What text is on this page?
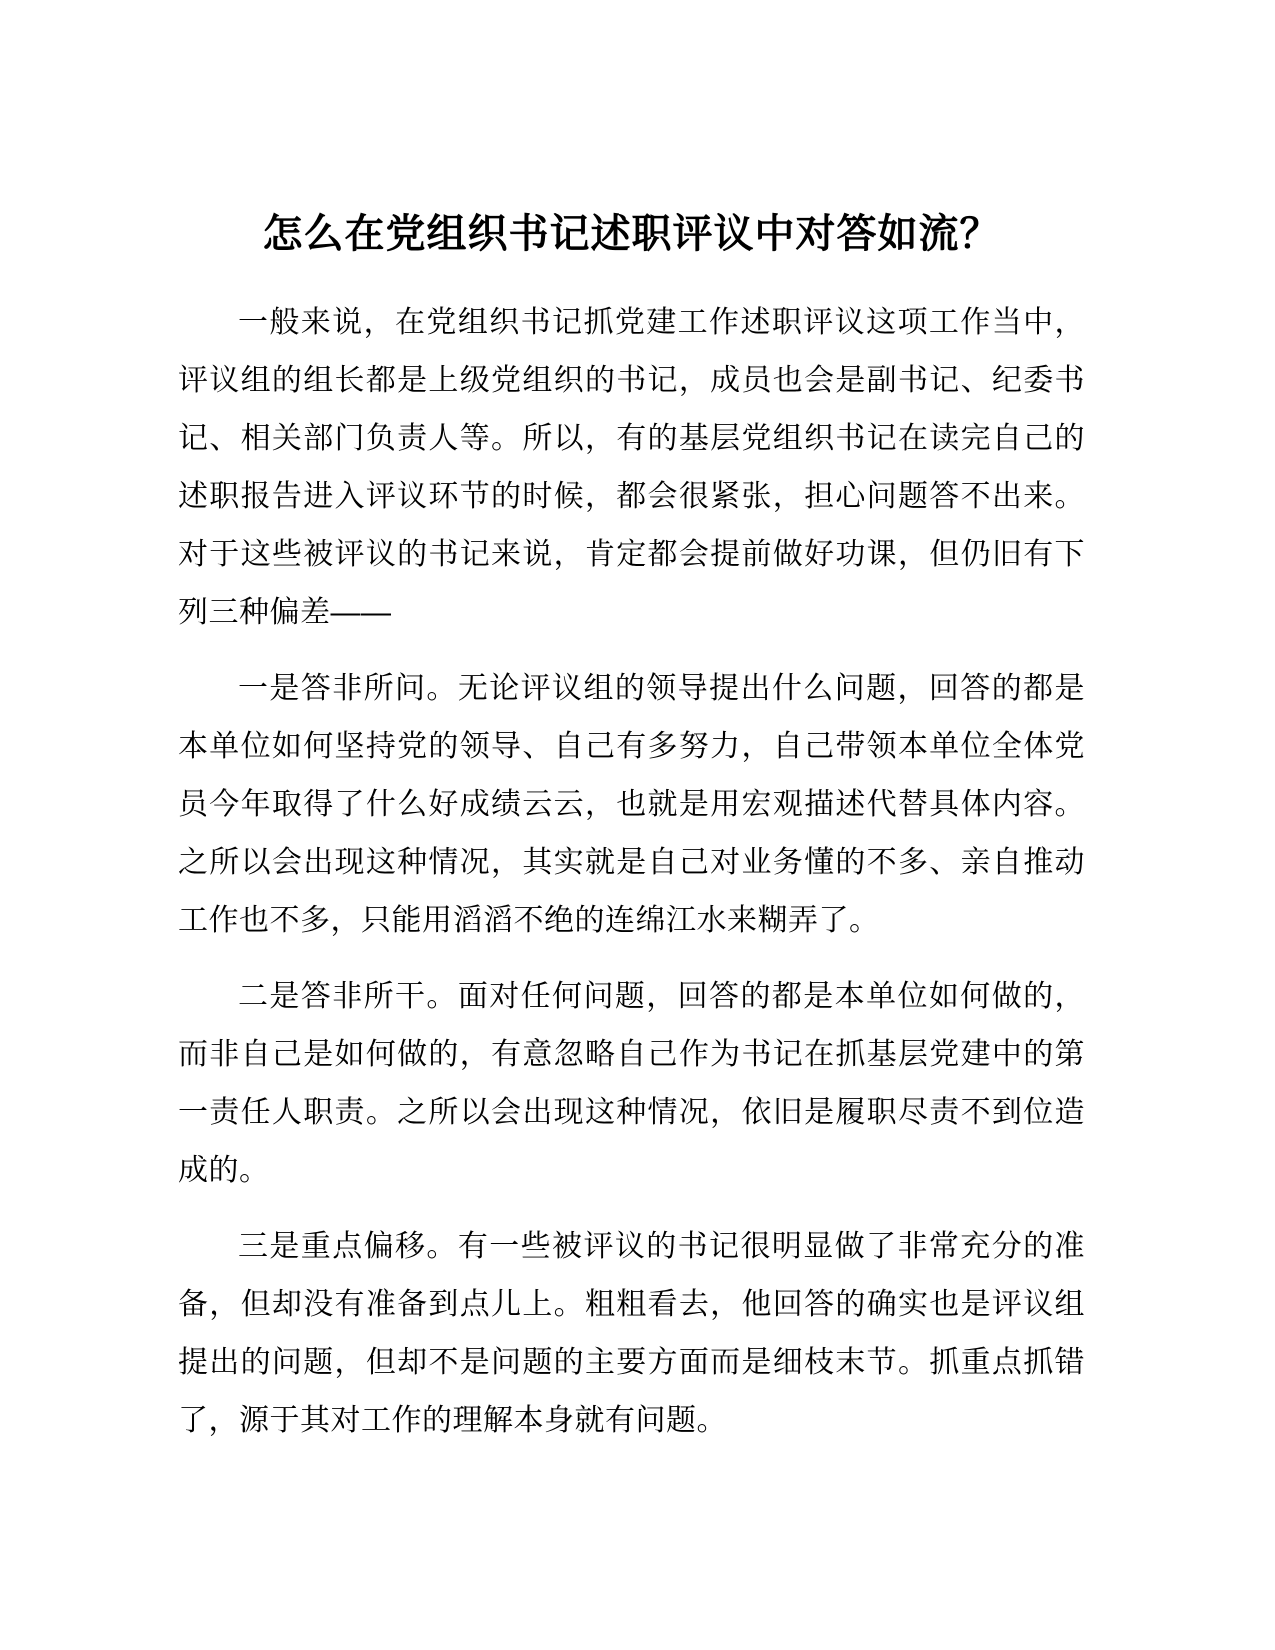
怎么在党组织书记述职评议中对答如流？

一般来说，在党组织书记抓党建工作述职评议这项工作当中，评议组的组长都是上级党组织的书记，成员也会是副书记、纪委书记、相关部门负责人等。所以，有的基层党组织书记在读完自己的述职报告进入评议环节的时候，都会很紧张，担心问题答不出来。对于这些被评议的书记来说，肯定都会提前做好功课，但仍旧有下列三种偏差——

一是答非所问。无论评议组的领导提出什么问题，回答的都是本单位如何坚持党的领导、自己有多努力，自己带领本单位全体党员今年取得了什么好成绩云云，也就是用宏观描述代替具体内容。之所以会出现这种情况，其实就是自己对业务懂的不多、亲自推动工作也不多，只能用滔滔不绝的连绵江水来糊弄了。

二是答非所干。面对任何问题，回答的都是本单位如何做的，而非自己是如何做的，有意忽略自己作为书记在抓基层党建中的第一责任人职责。之所以会出现这种情况，依旧是履职尽责不到位造成的。

三是重点偏移。有一些被评议的书记很明显做了非常充分的准备，但却没有准备到点儿上。粗粗看去，他回答的确实也是评议组提出的问题，但却不是问题的主要方面而是细枝末节。抓重点抓错了，源于其对工作的理解本身就有问题。
